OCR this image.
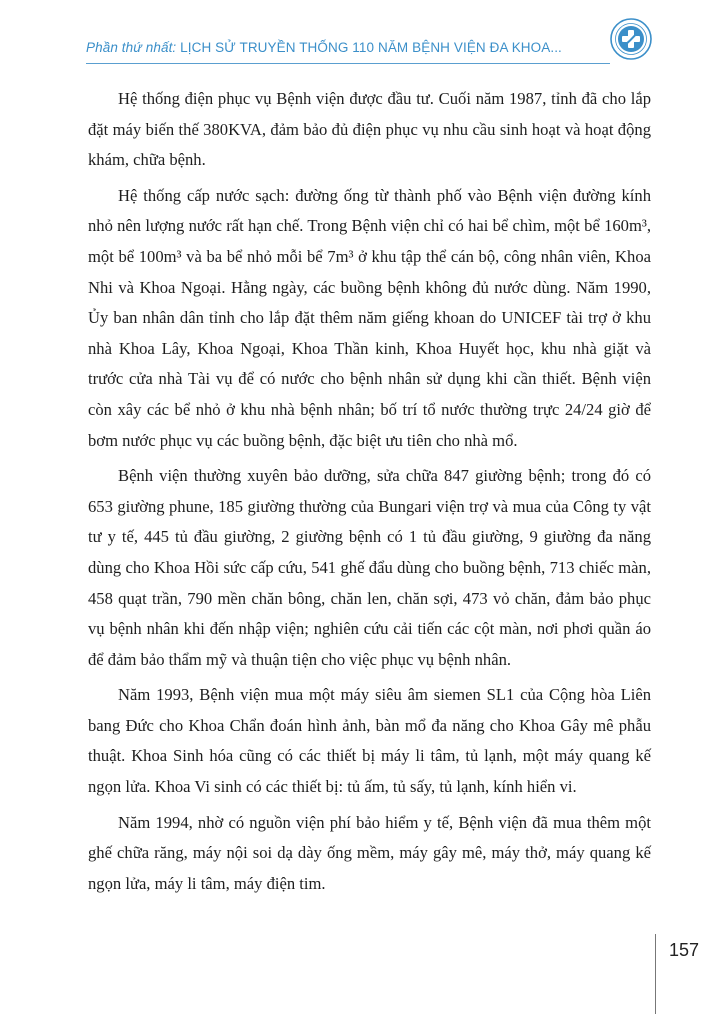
Phần thứ nhất: LỊCH SỬ TRUYỀN THỐNG 110 NĂM BỆNH VIỆN ĐA KHOA...

Hệ thống điện phục vụ Bệnh viện được đầu tư. Cuối năm 1987, tỉnh đã cho lắp đặt máy biến thế 380KVA, đảm bảo đủ điện phục vụ nhu cầu sinh hoạt và hoạt động khám, chữa bệnh.

Hệ thống cấp nước sạch: đường ống từ thành phố vào Bệnh viện đường kính nhỏ nên lượng nước rất hạn chế. Trong Bệnh viện chỉ có hai bể chìm, một bể 160m³, một bể 100m³ và ba bể nhỏ mỗi bể 7m³ ở khu tập thể cán bộ, công nhân viên, Khoa Nhi và Khoa Ngoại. Hằng ngày, các buồng bệnh không đủ nước dùng. Năm 1990, Ủy ban nhân dân tỉnh cho lắp đặt thêm năm giếng khoan do UNICEF tài trợ ở khu nhà Khoa Lây, Khoa Ngoại, Khoa Thần kinh, Khoa Huyết học, khu nhà giặt và trước cửa nhà Tài vụ để có nước cho bệnh nhân sử dụng khi cần thiết. Bệnh viện còn xây các bể nhỏ ở khu nhà bệnh nhân; bố trí tổ nước thường trực 24/24 giờ để bơm nước phục vụ các buồng bệnh, đặc biệt ưu tiên cho nhà mổ.

Bệnh viện thường xuyên bảo dưỡng, sửa chữa 847 giường bệnh; trong đó có 653 giường phune, 185 giường thường của Bungari viện trợ và mua của Công ty vật tư y tế, 445 tủ đầu giường, 2 giường bệnh có 1 tủ đầu giường, 9 giường đa năng dùng cho Khoa Hồi sức cấp cứu, 541 ghế đẩu dùng cho buồng bệnh, 713 chiếc màn, 458 quạt trần, 790 mền chăn bông, chăn len, chăn sợi, 473 vỏ chăn, đảm bảo phục vụ bệnh nhân khi đến nhập viện; nghiên cứu cải tiến các cột màn, nơi phơi quần áo để đảm bảo thẩm mỹ và thuận tiện cho việc phục vụ bệnh nhân.

Năm 1993, Bệnh viện mua một máy siêu âm siemen SL1 của Cộng hòa Liên bang Đức cho Khoa Chẩn đoán hình ảnh, bàn mổ đa năng cho Khoa Gây mê phẫu thuật. Khoa Sinh hóa cũng có các thiết bị máy li tâm, tủ lạnh, một máy quang kế ngọn lửa. Khoa Vi sinh có các thiết bị: tủ ấm, tủ sấy, tủ lạnh, kính hiển vi.

Năm 1994, nhờ có nguồn viện phí bảo hiểm y tế, Bệnh viện đã mua thêm một ghế chữa răng, máy nội soi dạ dày ống mềm, máy gây mê, máy thở, máy quang kế ngọn lửa, máy li tâm, máy điện tim.

157
